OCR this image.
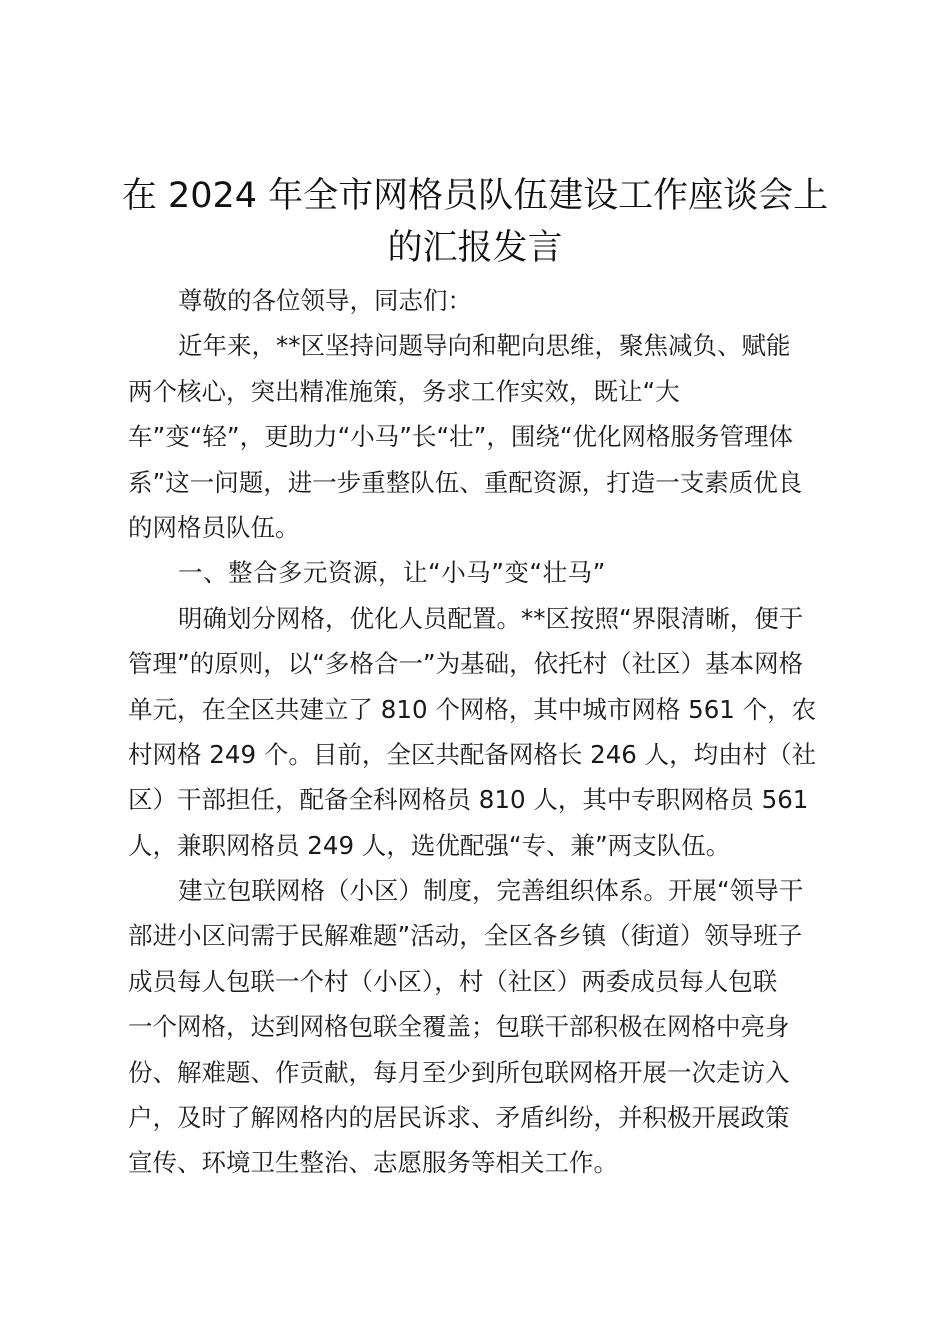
在 2024 年全市网格员队伍建设工作座谈会上
的汇报发言

尊敬的各位领导，同志们：

近年来，**区坚持问题导向和靶向思维，聚焦减负、赋能

两个核心，突出精准施策，务求工作实效，既让“大

车”变“轻”，更助力“小马”长“壮”，围绕“优化网格服务管理体

系”这一问题，进一步重整队伍、重配资源，打造一支素质优良

的网格员队伍。

一、整合多元资源，让“小马”变“壮马”

明确划分网格，优化人员配置。**区按照“界限清晰，便于

管理”的原则，以“多格合一”为基础，依托村（社区）基本网格

单元，在全区共建立了 810 个网格，其中城市网格 561 个，农

村网格 249 个。目前，全区共配备网格长 246 人，均由村（社

区）干部担任，配备全科网格员 810 人，其中专职网格员 561

人，兼职网格员 249 人，选优配强“专、兼”两支队伍。

建立包联网格（小区）制度，完善组织体系。开展“领导干

部进小区问需于民解难题”活动，全区各乡镇（街道）领导班子

成员每人包联一个村（小区），村（社区）两委成员每人包联

一个网格，达到网格包联全覆盖；包联干部积极在网格中亮身

份、解难题、作贡献，每月至少到所包联网格开展一次走访入

户，及时了解网格内的居民诉求、矛盾纠纷，并积极开展政策

宣传、环境卫生整治、志愿服务等相关工作。
